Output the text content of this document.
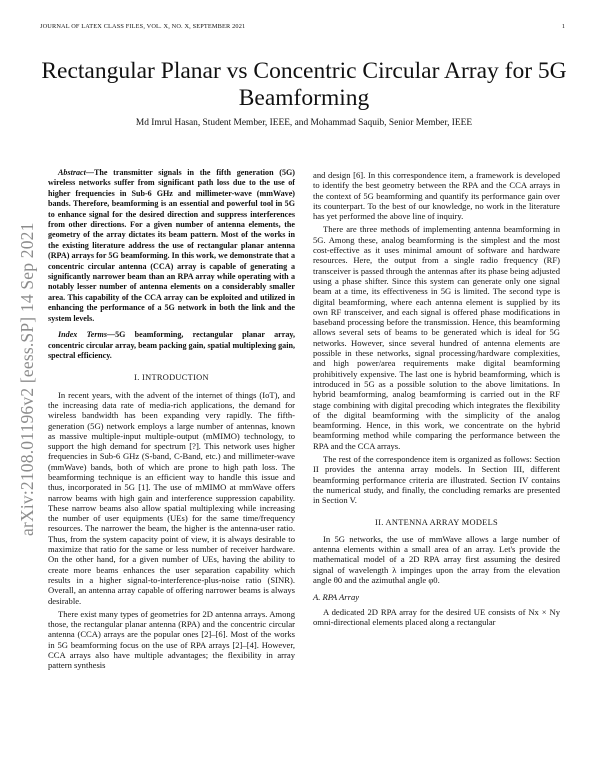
JOURNAL OF LATEX CLASS FILES, VOL. X, NO. X, SEPTEMBER 2021	1
arXiv:2108.01196v2 [eess.SP] 14 Sep 2021
Rectangular Planar vs Concentric Circular Array for 5G Beamforming
Md Imrul Hasan, Student Member, IEEE, and Mohammad Saquib, Senior Member, IEEE

Abstract—The transmitter signals in the fifth generation (5G) wireless networks suffer from significant path loss due to the use of higher frequencies in Sub-6 GHz and millimeter-wave (mmWave) bands. Therefore, beamforming is an essential and powerful tool in 5G to enhance signal for the desired direction and suppress interferences from other directions. For a given number of antenna elements, the geometry of the array dictates its beam pattern. Most of the works in the existing literature address the use of rectangular planar antenna (RPA) arrays for 5G beamforming. In this work, we demonstrate that a concentric circular antenna (CCA) array is capable of generating a significantly narrower beam than an RPA array while operating with a notably lesser number of antenna elements on a considerably smaller area. This capability of the CCA array can be exploited and utilized in enhancing the performance of a 5G network in both the link and the system levels.

Index Terms—5G beamforming, rectangular planar array, concentric circular array, beam packing gain, spatial multiplexing gain, spectral efficiency.

I. INTRODUCTION

In recent years, with the advent of the internet of things (IoT), and the increasing data rate of media-rich applications, the demand for wireless bandwidth has been expanding very rapidly. The fifth-generation (5G) network employs a large number of antennas, known as massive multiple-input multiple-output (mMIMO) technology, to support the high demand for spectrum [?]. This network uses higher frequencies in Sub-6 GHz (S-band, C-Band, etc.) and millimeter-wave (mmWave) bands, both of which are prone to high path loss. The beamforming technique is an efficient way to handle this issue and thus, incorporated in 5G [1]. The use of mMIMO at mmWave offers narrow beams with high gain and interference suppression capability. These narrow beams also allow spatial multiplexing while increasing the number of user equipments (UEs) for the same time/frequency resources. The narrower the beam, the higher is the antenna-user ratio. Thus, from the system capacity point of view, it is always desirable to maximize that ratio for the same or less number of receiver hardware. On the other hand, for a given number of UEs, having the ability to create more beams enhances the user separation capability which results in a higher signal-to-interference-plus-noise ratio (SINR). Overall, an antenna array capable of offering narrower beams is always desirable.

There exist many types of geometries for 2D antenna arrays. Among those, the rectangular planar antenna (RPA) and the concentric circular antenna (CCA) arrays are the popular ones [2]–[6]. Most of the works in 5G beamforming focus on the use of RPA arrays [2]–[4]. However, CCA arrays also have multiple advantages; the flexibility in array pattern synthesis

and design [6]. In this correspondence item, a framework is developed to identify the best geometry between the RPA and the CCA arrays in the context of 5G beamforming and quantify its performance gain over its counterpart. To the best of our knowledge, no work in the literature has yet performed the above line of inquiry.

There are three methods of implementing antenna beamforming in 5G. Among these, analog beamforming is the simplest and the most cost-effective as it uses minimal amount of software and hardware resources. Here, the output from a single radio frequency (RF) transceiver is passed through the antennas after its phase being adjusted using a phase shifter. Since this system can generate only one signal beam at a time, its effectiveness in 5G is limited. The second type is digital beamforming, where each antenna element is supplied by its own RF transceiver, and each signal is offered phase modifications in baseband processing before the transmission. Hence, this beamforming allows several sets of beams to be generated which is ideal for 5G networks. However, since several hundred of antenna elements are possible in these networks, signal processing/hardware complexities, and high power/area requirements make digital beamforming prohibitively expensive. The last one is hybrid beamforming, which is introduced in 5G as a possible solution to the above limitations. In hybrid beamforming, analog beamforming is carried out in the RF stage combining with digital precoding which integrates the flexibility of the digital beamforming with the simplicity of the analog beamforming. Hence, in this work, we concentrate on the hybrid beamforming method while comparing the performance between the RPA and the CCA arrays.

The rest of the correspondence item is organized as follows: Section II provides the antenna array models. In Section III, different beamforming performance criteria are illustrated. Section IV contains the numerical study, and finally, the concluding remarks are presented in Section V.

II. ANTENNA ARRAY MODELS

In 5G networks, the use of mmWave allows a large number of antenna elements within a small area of an array. Let's provide the mathematical model of a 2D RPA array first assuming the desired signal of wavelength λ impinges upon the array from the elevation angle θ0 and the azimuthal angle φ0.

A. RPA Array

A dedicated 2D RPA array for the desired UE consists of Nx × Ny omni-directional elements placed along a rectangular
